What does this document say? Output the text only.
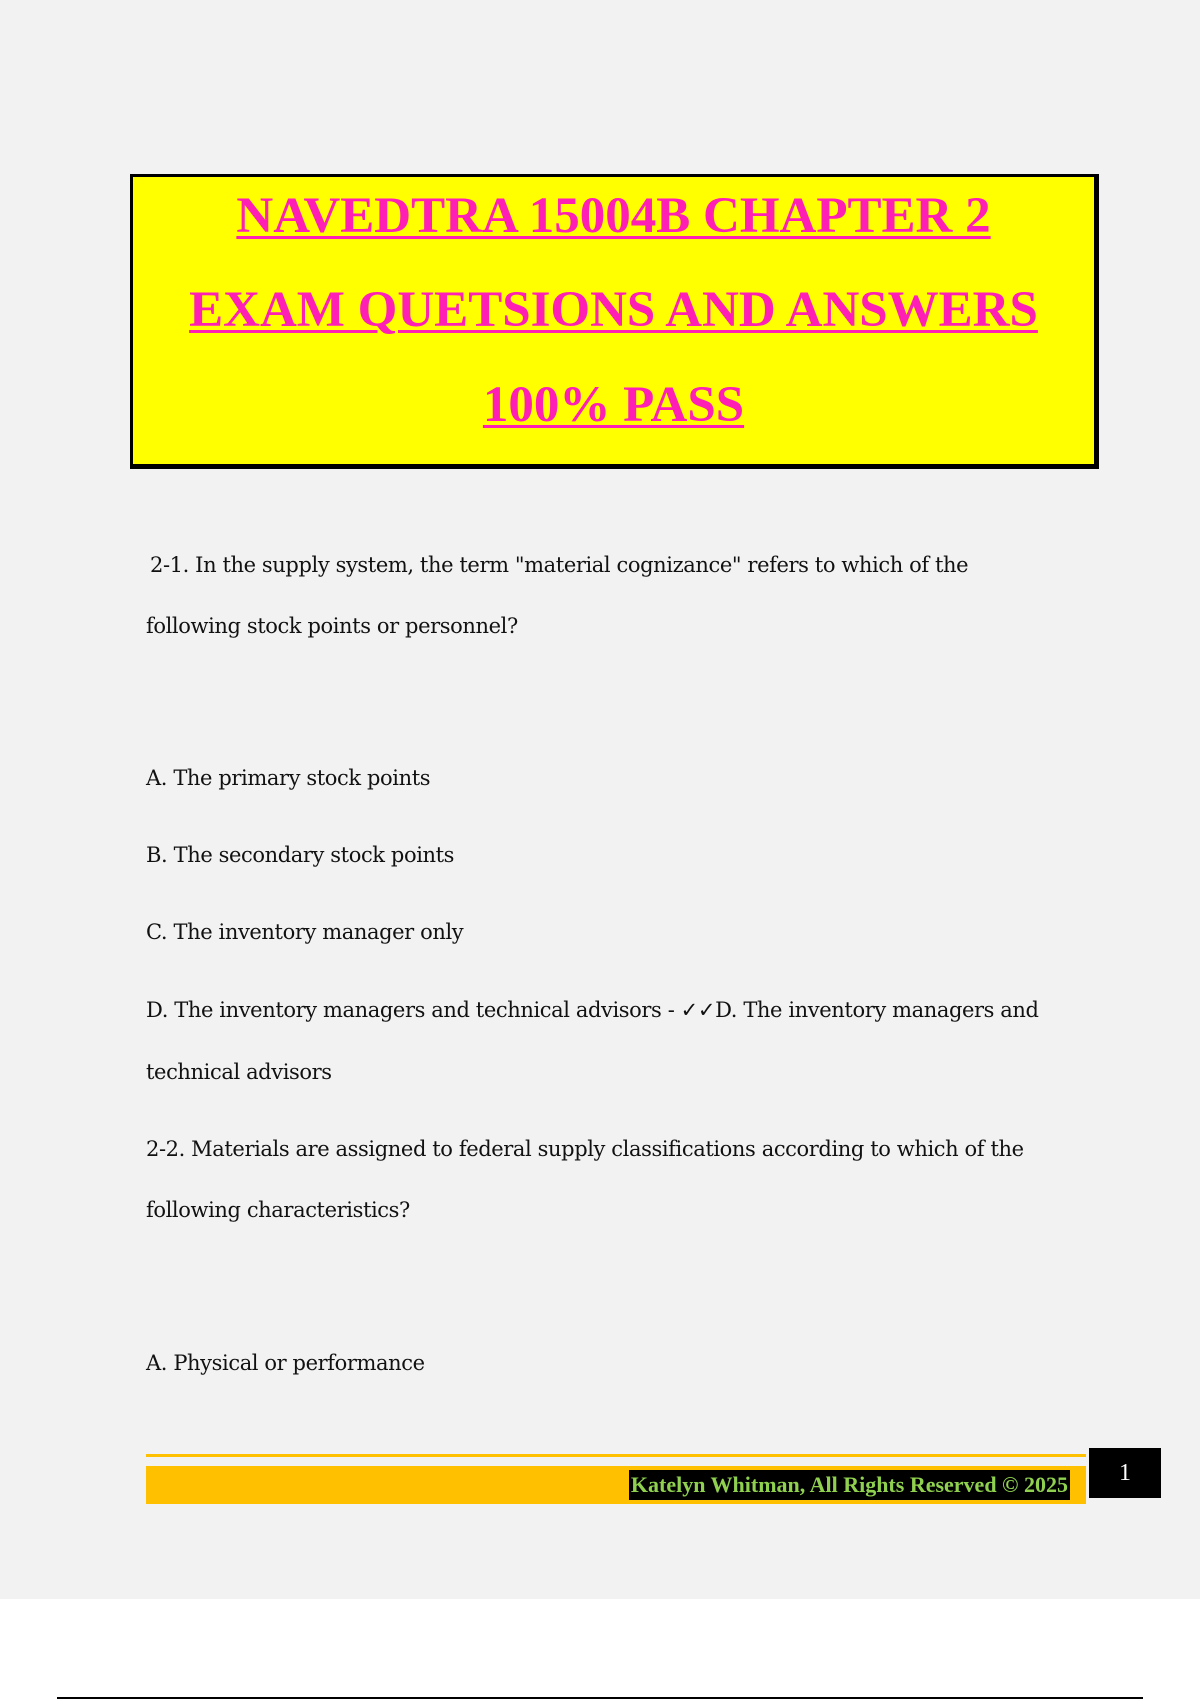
NAVEDTRA 15004B CHAPTER 2
EXAM QUETSIONS AND ANSWERS
100% PASS
2-1. In the supply system, the term "material cognizance" refers to which of the
following stock points or personnel?
A. The primary stock points
B. The secondary stock points
C. The inventory manager only
D. The inventory managers and technical advisors - ✓✓D. The inventory managers and
technical advisors
2-2. Materials are assigned to federal supply classifications according to which of the
following characteristics?
A. Physical or performance
Katelyn Whitman, All Rights Reserved © 2025	1
